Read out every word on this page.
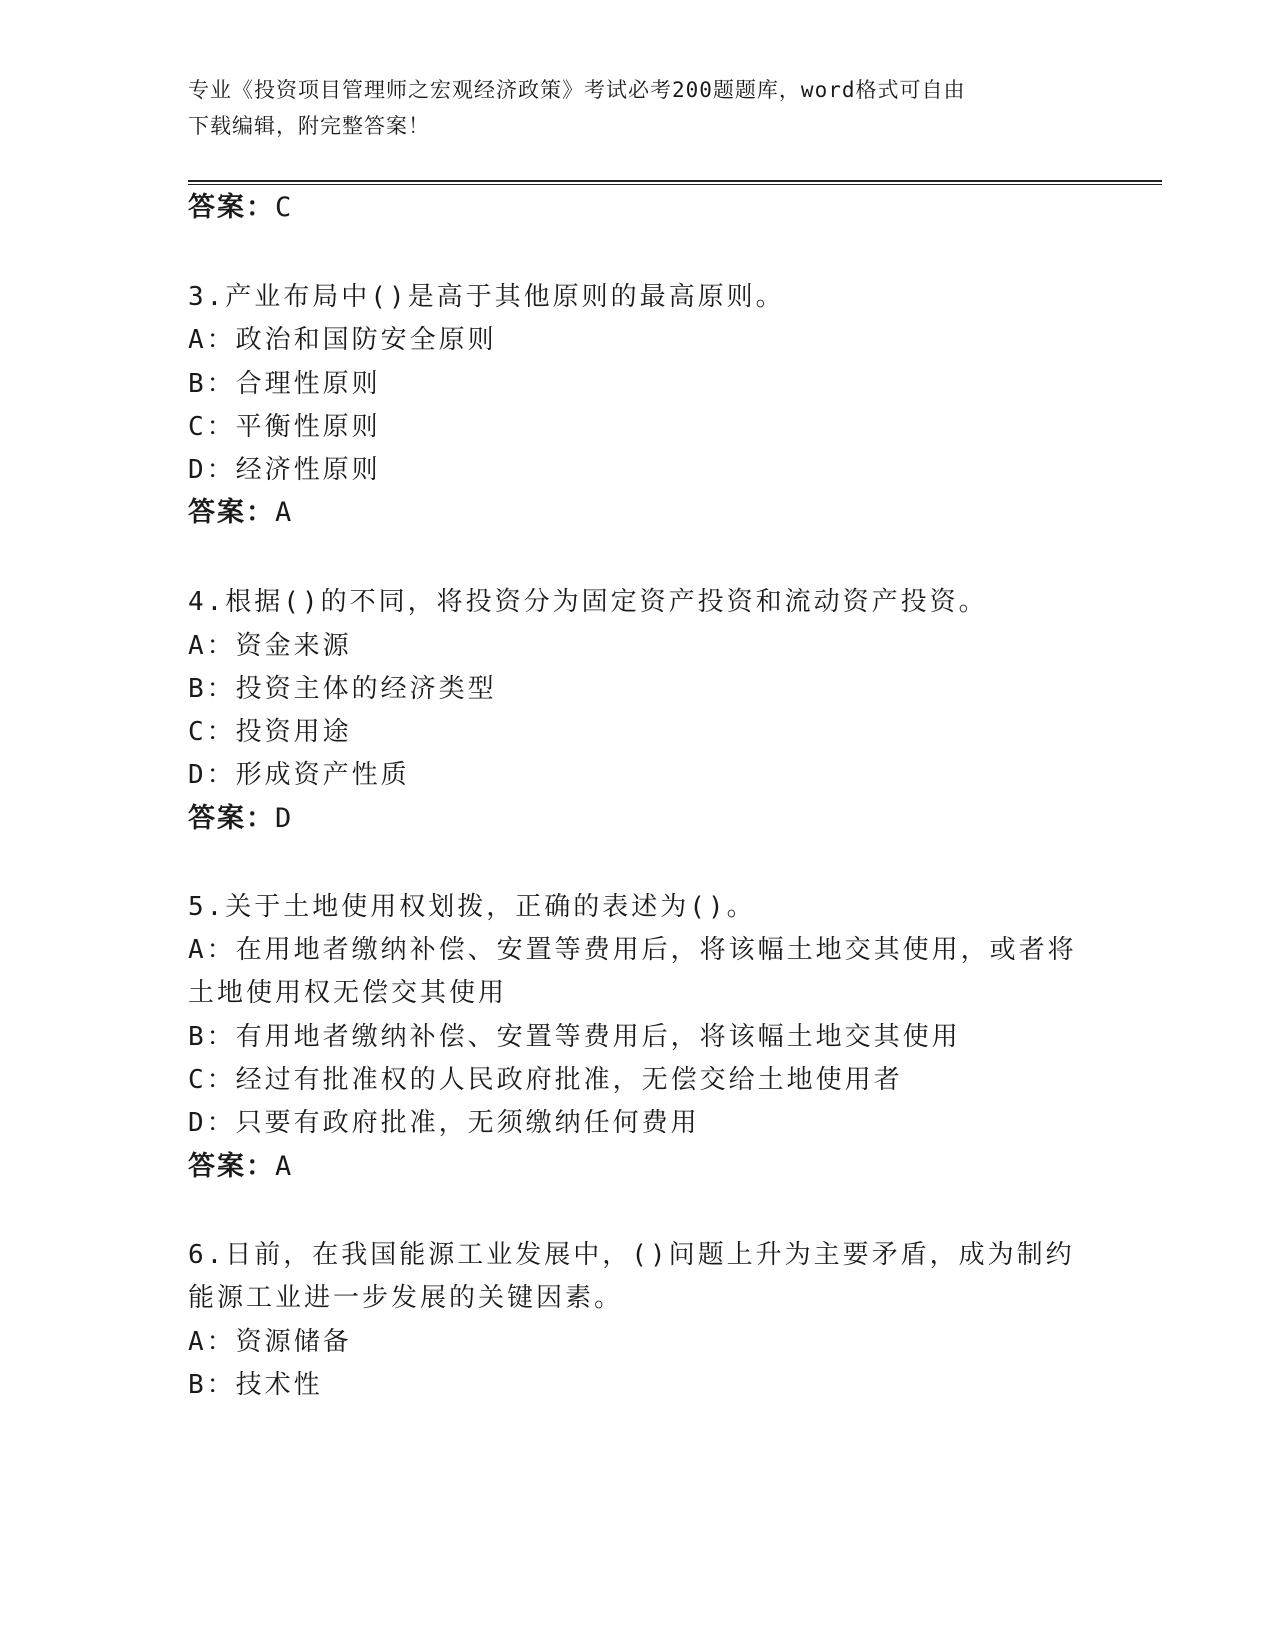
专业《投资项目管理师之宏观经济政策》考试必考200题题库，word格式可自由
下载编辑，附完整答案！
答案：C
3.产业布局中()是高于其他原则的最高原则。
A：政治和国防安全原则
B：合理性原则
C：平衡性原则
D：经济性原则
答案：A
4.根据()的不同，将投资分为固定资产投资和流动资产投资。
A：资金来源
B：投资主体的经济类型
C：投资用途
D：形成资产性质
答案：D
5.关于土地使用权划拨，正确的表述为()。
A：在用地者缴纳补偿、安置等费用后，将该幅土地交其使用，或者将
土地使用权无偿交其使用
B：有用地者缴纳补偿、安置等费用后，将该幅土地交其使用
C：经过有批准权的人民政府批准，无偿交给土地使用者
D：只要有政府批准，无须缴纳任何费用
答案：A
6.日前，在我国能源工业发展中，()问题上升为主要矛盾，成为制约
能源工业进一步发展的关键因素。
A：资源储备
B：技术性
